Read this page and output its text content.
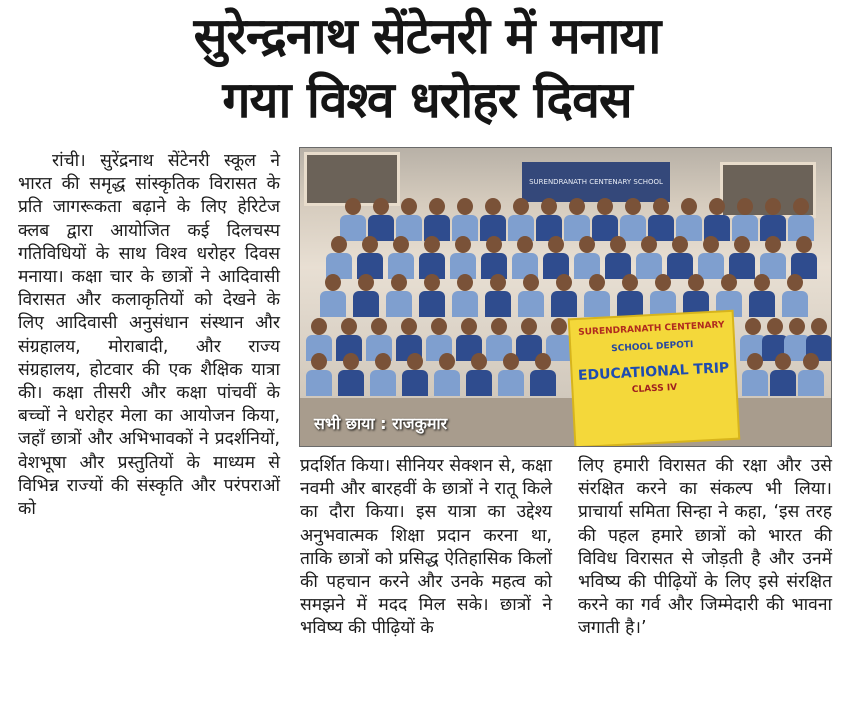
सुरेन्द्रनाथ सेंटेनरी में मनाया
गया विश्व धरोहर दिवस
रांची। सुरेंद्रनाथ सेंटेनरी स्कूल ने भारत की समृद्ध सांस्कृतिक विरासत के प्रति जागरूकता बढ़ाने के लिए हेरिटेज क्लब द्वारा आयोजित कई दिलचस्प गतिविधियों के साथ विश्व धरोहर दिवस मनाया। कक्षा चार के छात्रों ने आदिवासी विरासत और कलाकृतियों को देखने के लिए आदिवासी अनुसंधान संस्थान और संग्रहालय, मोराबादी, और राज्य संग्रहालय, होटवार की एक शैक्षिक यात्रा की। कक्षा तीसरी और कक्षा पांचवीं के बच्चों ने धरोहर मेला का आयोजन किया, जहाँ छात्रों और अभिभावकों ने प्रदर्शनियों, वेशभूषा और प्रस्तुतियों के माध्यम से विभिन्न राज्यों की संस्कृति और परंपराओं को
SURENDRANATH CENTENARY SCHOOL
SURENDRANATH CENTENARY
SCHOOL DEPOTI
EDUCATIONAL TRIP
CLASS IV
सभी छाया : राजकुमार
प्रदर्शित किया। सीनियर सेक्शन से, कक्षा नवमी और बारहवीं के छात्रों ने रातू किले का दौरा किया। इस यात्रा का उद्देश्य अनुभवात्मक शिक्षा प्रदान करना था, ताकि छात्रों को प्रसिद्ध ऐतिहासिक किलों की पहचान करने और उनके महत्व को समझने में मदद मिल सके। छात्रों ने भविष्य की पीढ़ियों के
लिए हमारी विरासत की रक्षा और उसे संरक्षित करने का संकल्प भी लिया। प्राचार्या समिता सिन्हा ने कहा, ‘इस तरह की पहल हमारे छात्रों को भारत की विविध विरासत से जोड़ती है और उनमें भविष्य की पीढ़ियों के लिए इसे संरक्षित करने का गर्व और जिम्मेदारी की भावना जगाती है।’
